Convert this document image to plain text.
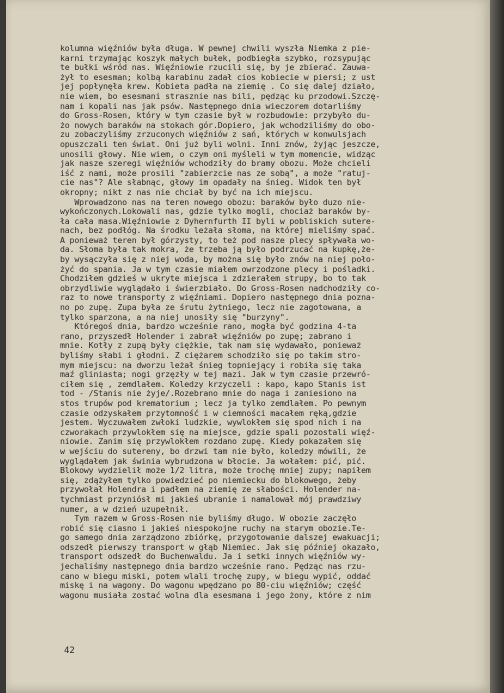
kolumna więźniów była długa. W pewnej chwili wyszła Niemka z pie-
karni trzymając koszyk małych bułek, podbiegła szybko, rozsypując
te bułki wśród nas. Więźniowie rzucili się, by je zbierać. Zauwa-
żył to esesman; kolbą karabinu zadał cios kobiecie w piersi; z ust
jej popłynęła krew. Kobieta padła na ziemię . Co się dalej działo,
nie wiem, bo esesmani strasznie nas bili, pędząc ku przodowi.Szczę-
nam i kopali nas jak psów. Następnego dnia wieczorem dotarliśmy
do Gross-Rosen, który w tym czasie był w rozbudowie: przybyło du-
żo nowych baraków na stokach gór.Dopiero, jak wchodziliśmy do obo-
zu zobaczyliśmy zrzuconych więźniów z sań, których w konwulsjach
opuszczali ten świat. Oni już byli wolni. Inni znów, żyjąc jeszcze,
unosili głowy. Nie wiem, o czym oni myśleli w tym momencie, widząc
jak nasze szeregi więźniów wchodziły do bramy obozu. Może chcieli
iść z nami, może prosili "zabierzcie nas ze sobą", a może "ratuj-
cie nas"? Ale słabnąc, głowy im opadały na śnieg. Widok ten był
okropny; nikt z nas nie chciał by być na ich miejscu.

Wprowadzono nas na teren nowego obozu: baraków było duzo nie-
wykończonych.Lokowali nas, gdzie tylko mogli, chociaż baraków by-
ła cała masa.Więźniowie z Dyhernfurth II byli w pobliskich sutere-
nach, bez podłóg. Na środku leżała słoma, na której mieliśmy spać.
A ponieważ teren był górzysty, to też pod nasze plecy spływała wo-
da. Słoma była tak mokra, że trzeba ją było podrzucać na kupkę,że-
by wysączyła się z niej woda, by można się było znów na niej poło-
żyć do spania. Ja w tym czasie miałem owrzodzone plecy i pośladki.
Chodziłem gdzieś w ukryte miejsca i zdzierałem strupy, bo to tak
obrzydliwie wyglądało i świerzbiało. Do Gross-Rosen nadchodziły co-
raz to nowe transporty z więźniami. Dopiero następnego dnia pozna-
no po zupę. Zupa była ze śrutu żytniego, lecz nie zagotowana, a
tylko sparzona, a na niej unosiły się "burzyny".

Któregoś dnia, bardzo wcześnie rano, mogła być godzina 4-ta
rano, przyszedł Holender i zabrał więźniów po zupę; zabrano i
mnie. Kotły z zupą były ciężkie, tak nam się wydawało, ponieważ
byliśmy słabi i głodni. Z ciężarem schodziło się po takim stro-
mym miejscu: na dworzu leżał śnieg topniejący i robiła się taka
maź gliniasta; nogi grzęzły w tej mazi. Jak w tym czasie przewró-
ciłem się , zemdlałem. Koledzy krzyczeli : kapo, kapo Stanis ist
tod - /Stanis nie żyje/.Rozebrano mnie do naga i zaniesiono na
stos trupów pod krematorium ; lecz ja tylko zemdlałem. Po pewnym
czasie odzyskałem przytomność i w ciemności macałem ręką,gdzie
jestem. Wyczuwałem zwłoki ludzkie, wywlokłem się spod nich i na
czworakach przywlokłem się na miejsce, gdzie spali pozostali więź-
niowie. Zanim się przywlokłem rozdano zupę. Kiedy pokazałem się
w wejściu do sutereny, bo drzwi tam nie było, koledzy mówili, że
wyglądałem jak świnia wybrudzona w błocie. Ja wołałem: pić, pić.
Blokowy wydzielił może 1/2 litra, może trochę mniej zupy; napiłem
się, zdążyłem tylko powiedzieć po niemiecku do blokowego, żeby
przywołał Holendra i padłem na ziemię ze słabości. Holender na-
tychmiast przyniósł mi jakieś ubranie i namalował mój prawdziwy
numer, a w dzień uzupełnił.

Tym razem w Gross-Rosen nie byliśmy długo. W obozie zaczęło
robić się ciasno i jakieś niespokojne ruchy na starym obozie.Te-
go samego dnia zarządzono zbiórkę, przygotowanie dalszej ewakuacji;
odszedł pierwszy transport w głąb Niemiec. Jak się później okazało,
transport odszedł do Buchenwaldu. Ja i setki innych więźniów wy-
jechaliśmy następnego dnia bardzo wcześnie rano. Pędząc nas rzu-
cano w biegu miski, potem wlali trochę zupy, w biegu wypić, oddać
miskę i na wagony. Do wagonu wpędzano po 80-ciu więźniów; część
wagonu musiała zostać wolna dla esesmana i jego żony, które z nim

42
